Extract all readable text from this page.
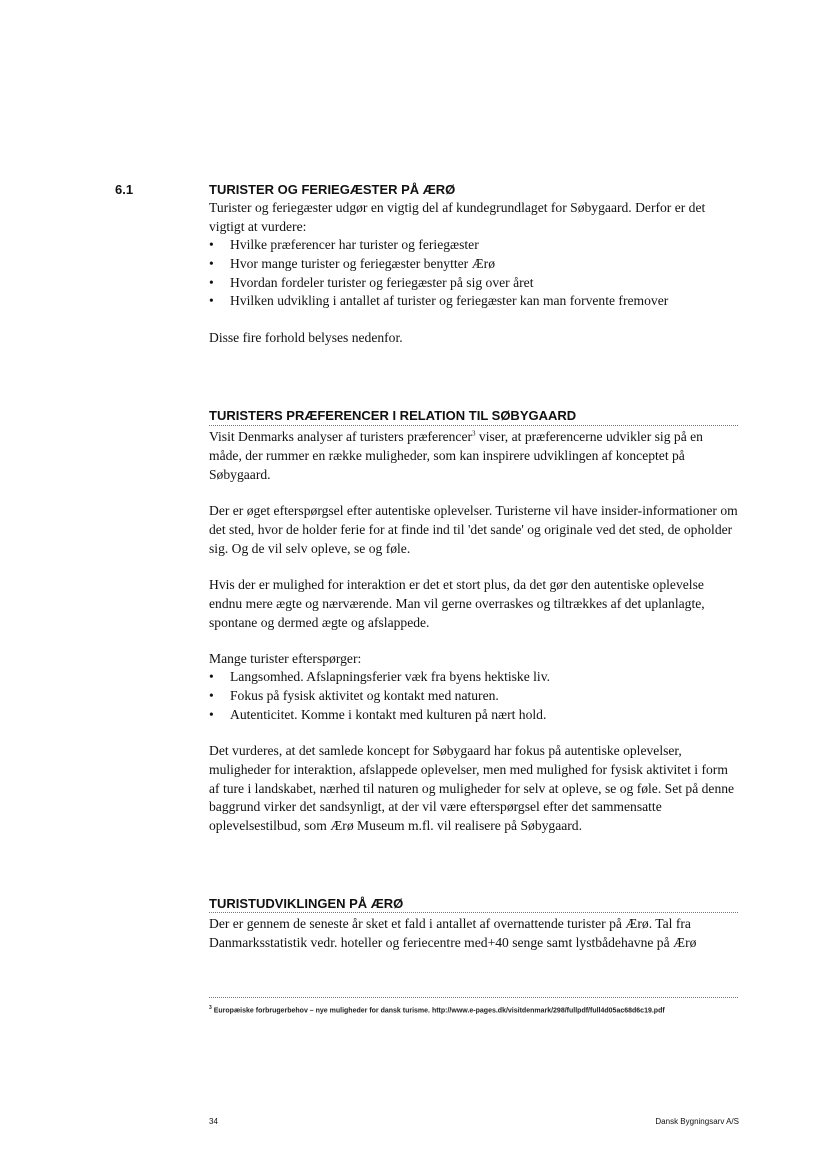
6.1	TURISTER OG FERIEGÆSTER PÅ ÆRØ

Turister og feriegæster udgør en vigtig del af kundegrundlaget for Søbygaard. Derfor er det vigtigt at vurdere:

• Hvilke præferencer har turister og feriegæster
• Hvor mange turister og feriegæster benytter Ærø
• Hvordan fordeler turister og feriegæster på sig over året
• Hvilken udvikling i antallet af turister og feriegæster kan man forvente fremover

Disse fire forhold belyses nedenfor.

TURISTERS PRÆFERENCER I RELATION TIL SØBYGAARD

Visit Denmarks analyser af turisters præferencer$^3$ viser, at præferencerne udvikler sig på en måde, der rummer en række muligheder, som kan inspirere udviklingen af konceptet på Søbygaard.

Der er øget efterspørgsel efter autentiske oplevelser. Turisterne vil have insider-informationer om det sted, hvor de holder ferie for at finde ind til 'det sande' og originale ved det sted, de opholder sig. Og de vil selv opleve, se og føle.

Hvis der er mulighed for interaktion er det et stort plus, da det gør den autentiske oplevelse endnu mere ægte og nærværende. Man vil gerne overraskes og tiltrækkes af det uplanlagte, spontane og dermed ægte og afslappede.

Mange turister efterspørger:

• Langsomhed. Afslapningsferier væk fra byens hektiske liv.
• Fokus på fysisk aktivitet og kontakt med naturen.
• Autenticitet. Komme i kontakt med kulturen på nært hold.

Det vurderes, at det samlede koncept for Søbygaard har fokus på autentiske oplevelser, muligheder for interaktion, afslappede oplevelser, men med mulighed for fysisk aktivitet i form af ture i landskabet, nærhed til naturen og muligheder for selv at opleve, se og føle. Set på denne baggrund virker det sandsynligt, at der vil være efterspørgsel efter det sammensatte oplevelsestilbud, som Ærø Museum m.fl. vil realisere på Søbygaard.

TURISTUDVIKLINGEN PÅ ÆRØ

Der er gennem de seneste år sket et fald i antallet af overnattende turister på Ærø. Tal fra Danmarksstatistik vedr. hoteller og feriecentre med+40 senge samt lystbådehavne på Ærø

$^3$ Europæiske forbrugerbehov – nye muligheder for dansk turisme. http://www.e-pages.dk/visitdenmark/298/fullpdf/full4d05ac68d6c19.pdf
34	Dansk Bygningsarv A/S
